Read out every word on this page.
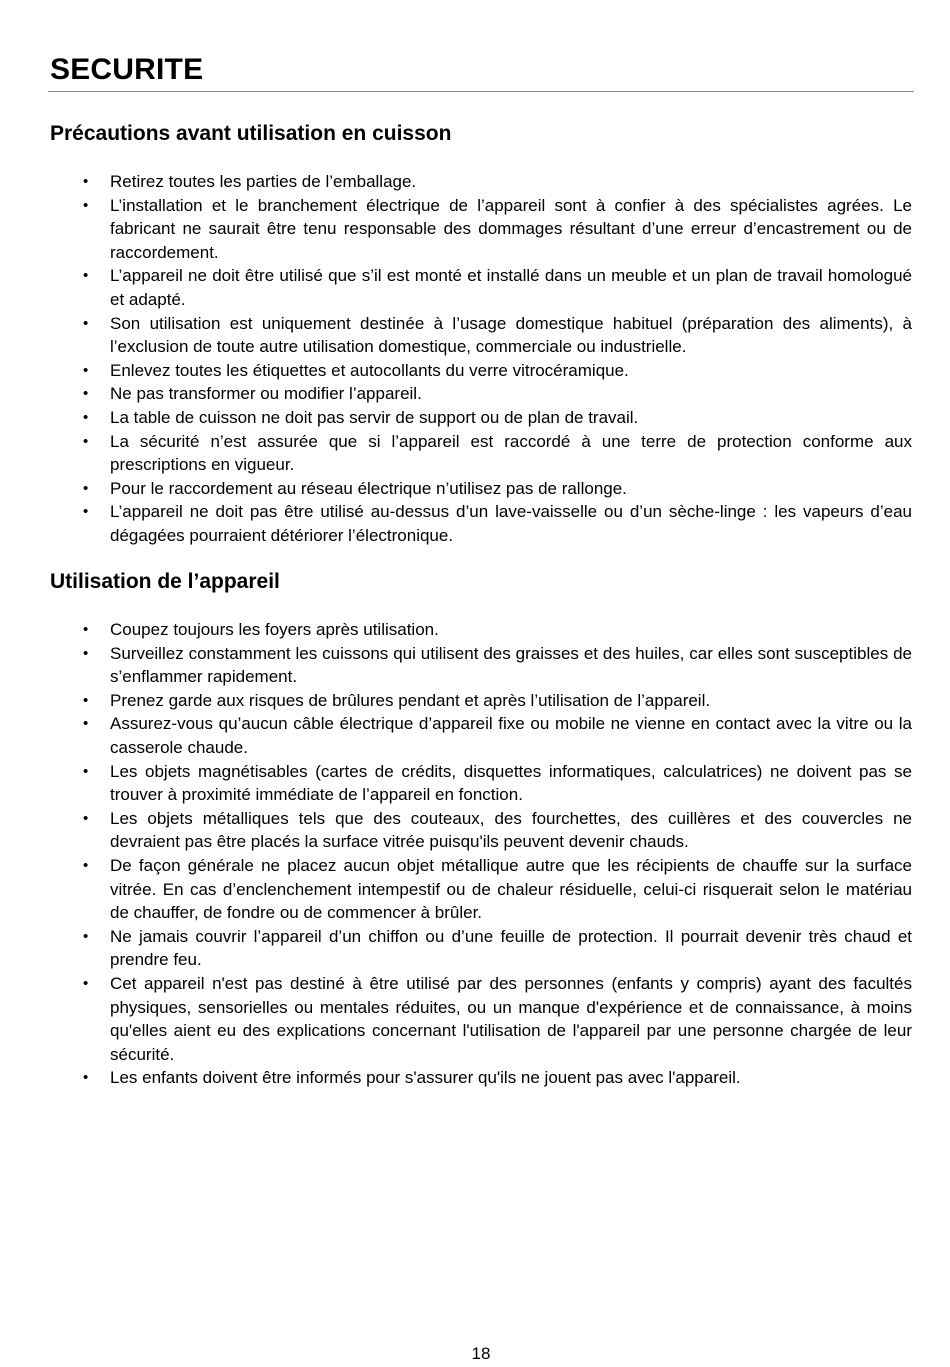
SECURITE
Précautions avant utilisation en cuisson
• Retirez toutes les parties de l’emballage.
• L’installation et le branchement électrique de l’appareil sont à confier à des spécialistes agrées. Le fabricant ne saurait être tenu responsable des dommages résultant d’une erreur d’encastrement ou de raccordement.
• L’appareil ne doit être utilisé que s’il est monté et installé dans un meuble et un plan de travail homologué et adapté.
• Son utilisation est uniquement destinée à l’usage domestique habituel (préparation des aliments), à l’exclusion de toute autre utilisation domestique, commerciale ou industrielle.
• Enlevez toutes les étiquettes et autocollants du verre vitrocéramique.
• Ne pas transformer ou modifier l’appareil.
• La table de cuisson ne doit pas servir de support ou de plan de travail.
• La sécurité n’est assurée que si l’appareil est raccordé à une terre de protection conforme aux prescriptions en vigueur.
• Pour le raccordement au réseau électrique n’utilisez pas de rallonge.
• L’appareil ne doit pas être utilisé au-dessus d’un lave-vaisselle ou d’un sèche-linge : les vapeurs d’eau dégagées pourraient détériorer l’électronique.
Utilisation de l’appareil
• Coupez toujours les foyers après utilisation.
• Surveillez constamment les cuissons qui utilisent des graisses et des huiles, car elles sont susceptibles de s’enflammer rapidement.
• Prenez garde aux risques de brûlures pendant et après l’utilisation de l’appareil.
• Assurez-vous qu’aucun câble électrique d’appareil fixe ou mobile ne vienne en contact avec la vitre ou la casserole chaude.
• Les objets magnétisables (cartes de crédits, disquettes informatiques, calculatrices) ne doivent pas se trouver à proximité immédiate de l’appareil en fonction.
• Les objets métalliques tels que des couteaux, des fourchettes, des cuillères et des couvercles ne devraient pas être placés la surface vitrée puisqu'ils peuvent devenir chauds.
• De façon générale ne placez aucun objet métallique autre que les récipients de chauffe sur la surface vitrée. En cas d’enclenchement intempestif ou de chaleur résiduelle, celui-ci risquerait selon le matériau de chauffer, de fondre ou de commencer à brûler.
• Ne jamais couvrir l’appareil d’un chiffon ou d’une feuille de protection. Il pourrait devenir très chaud et prendre feu.
• Cet appareil n'est pas destiné à être utilisé par des personnes (enfants y compris) ayant des facultés physiques, sensorielles ou mentales réduites, ou un manque d'expérience et de connaissance, à moins qu'elles aient eu des explications concernant l'utilisation de l'appareil par une personne chargée de leur sécurité.
• Les enfants doivent être informés pour s'assurer qu'ils ne jouent pas avec l'appareil.
18
